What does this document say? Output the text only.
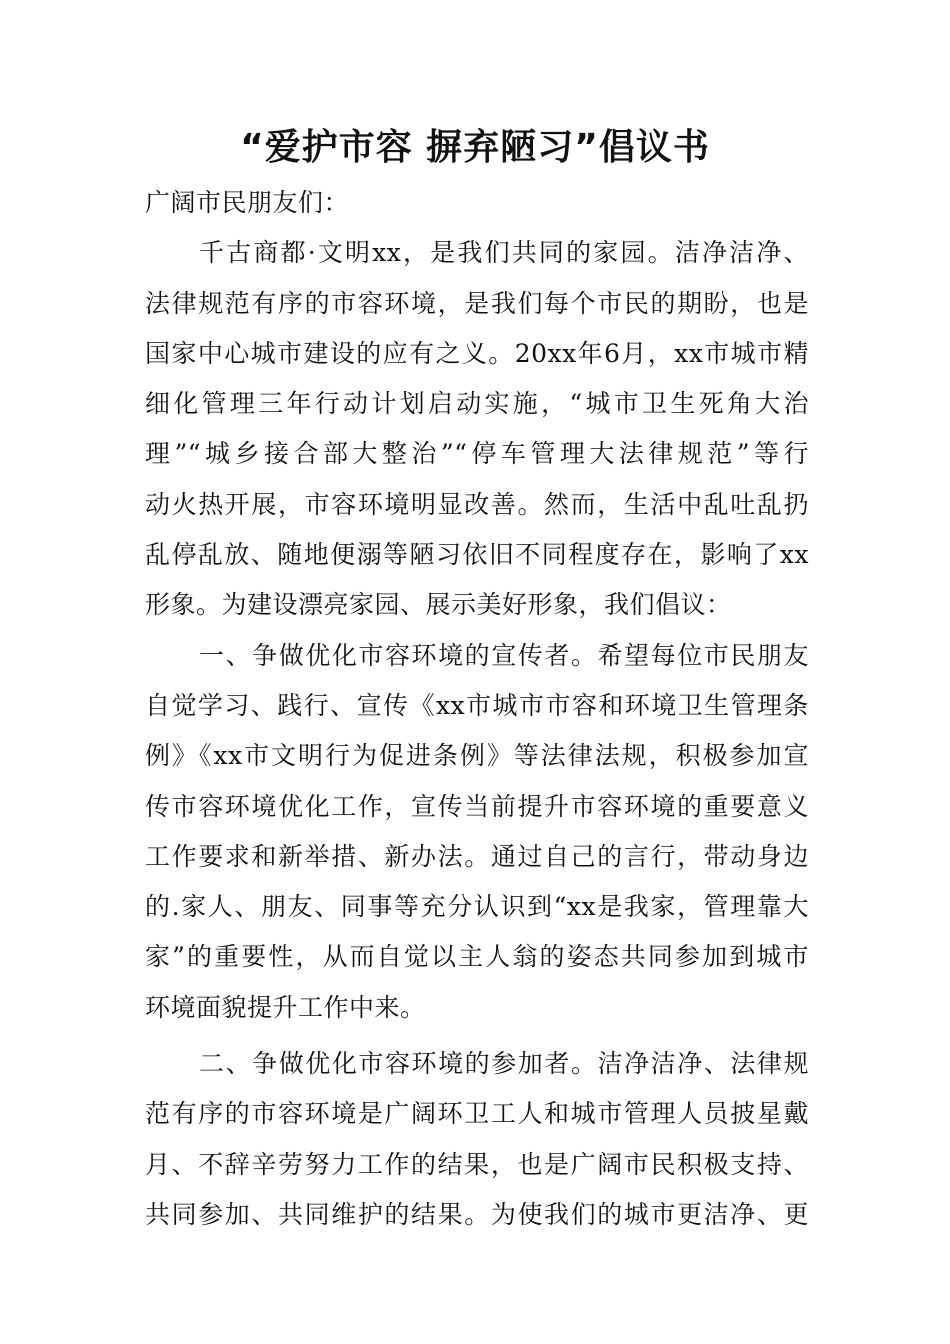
“爱护市容 摒弃陋习”倡议书
广阔市民朋友们：
千古商都·文明xx，是我们共同的家园。洁净洁净、
法律规范有序的市容环境，是我们每个市民的期盼，也是
国家中心城市建设的应有之义。20xx年6月，xx市城市精
细化管理三年行动计划启动实施，“城市卫生死角大治
理”“城乡接合部大整治”“停车管理大法律规范”等行
动火热开展，市容环境明显改善。然而，生活中乱吐乱扔
乱停乱放、随地便溺等陋习依旧不同程度存在，影响了xx
形象。为建设漂亮家园、展示美好形象，我们倡议：
一、争做优化市容环境的宣传者。希望每位市民朋友
自觉学习、践行、宣传《xx市城市市容和环境卫生管理条
例》《xx市文明行为促进条例》等法律法规，积极参加宣
传市容环境优化工作，宣传当前提升市容环境的重要意义
工作要求和新举措、新办法。通过自己的言行，带动身边
的.家人、朋友、同事等充分认识到“xx是我家，管理靠大
家”的重要性，从而自觉以主人翁的姿态共同参加到城市
环境面貌提升工作中来。
二、争做优化市容环境的参加者。洁净洁净、法律规
范有序的市容环境是广阔环卫工人和城市管理人员披星戴
月、不辞辛劳努力工作的结果，也是广阔市民积极支持、
共同参加、共同维护的结果。为使我们的城市更洁净、更
